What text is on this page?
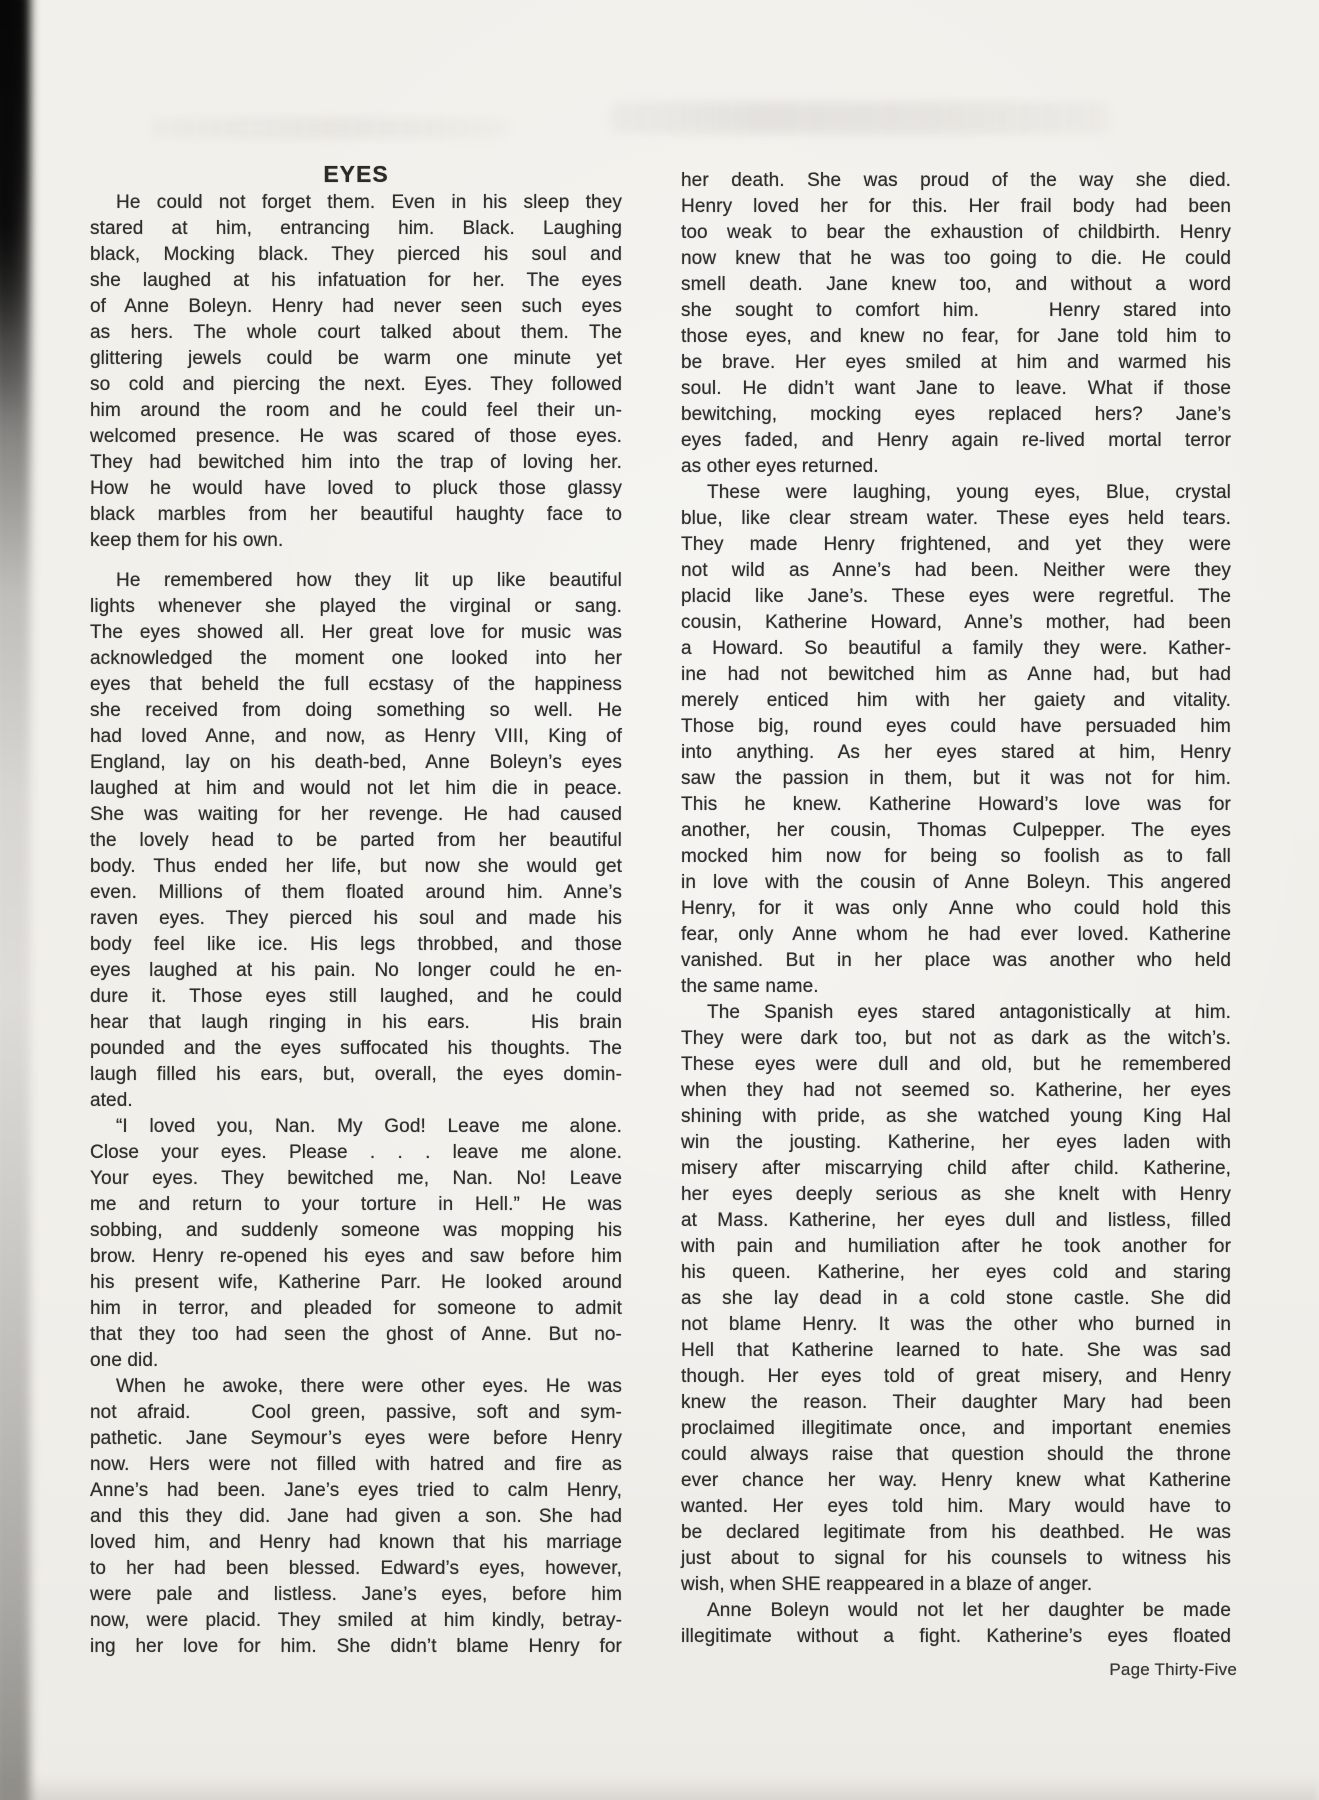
EYES
He could not forget them. Even in his sleep they
stared at him, entrancing him. Black. Laughing
black, Mocking black. They pierced his soul and
she laughed at his infatuation for her. The eyes
of Anne Boleyn. Henry had never seen such eyes
as hers. The whole court talked about them. The
glittering jewels could be warm one minute yet
so cold and piercing the next. Eyes. They followed
him around the room and he could feel their un-
welcomed presence. He was scared of those eyes.
They had bewitched him into the trap of loving her.
How he would have loved to pluck those glassy
black marbles from her beautiful haughty face to
keep them for his own.
He remembered how they lit up like beautiful
lights whenever she played the virginal or sang.
The eyes showed all. Her great love for music was
acknowledged the moment one looked into her
eyes that beheld the full ecstasy of the happiness
she received from doing something so well. He
had loved Anne, and now, as Henry VIII, King of
England, lay on his death-bed, Anne Boleyn’s eyes
laughed at him and would not let him die in peace.
She was waiting for her revenge. He had caused
the lovely head to be parted from her beautiful
body. Thus ended her life, but now she would get
even. Millions of them floated around him. Anne’s
raven eyes. They pierced his soul and made his
body feel like ice. His legs throbbed, and those
eyes laughed at his pain. No longer could he en-
dure it. Those eyes still laughed, and he could
hear that laugh ringing in his ears.   His brain
pounded and the eyes suffocated his thoughts. The
laugh filled his ears, but, overall, the eyes domin-
ated.
“I loved you, Nan. My God! Leave me alone.
Close your eyes. Please . . . leave me alone.
Your eyes. They bewitched me, Nan. No! Leave
me and return to your torture in Hell.” He was
sobbing, and suddenly someone was mopping his
brow. Henry re-opened his eyes and saw before him
his present wife, Katherine Parr. He looked around
him in terror, and pleaded for someone to admit
that they too had seen the ghost of Anne. But no-
one did.
When he awoke, there were other eyes. He was
not afraid.   Cool green, passive, soft and sym-
pathetic. Jane Seymour’s eyes were before Henry
now. Hers were not filled with hatred and fire as
Anne’s had been. Jane’s eyes tried to calm Henry,
and this they did. Jane had given a son. She had
loved him, and Henry had known that his marriage
to her had been blessed. Edward’s eyes, however,
were pale and listless. Jane’s eyes, before him
now, were placid. They smiled at him kindly, betray-
ing her love for him. She didn’t blame Henry for
her death. She was proud of the way she died.
Henry loved her for this. Her frail body had been
too weak to bear the exhaustion of childbirth. Henry
now knew that he was too going to die. He could
smell death. Jane knew too, and without a word
she sought to comfort him.   Henry stared into
those eyes, and knew no fear, for Jane told him to
be brave. Her eyes smiled at him and warmed his
soul. He didn’t want Jane to leave. What if those
bewitching, mocking eyes replaced hers? Jane’s
eyes faded, and Henry again re-lived mortal terror
as other eyes returned.
These were laughing, young eyes, Blue, crystal
blue, like clear stream water. These eyes held tears.
They made Henry frightened, and yet they were
not wild as Anne’s had been. Neither were they
placid like Jane’s. These eyes were regretful. The
cousin, Katherine Howard, Anne’s mother, had been
a Howard. So beautiful a family they were. Kather-
ine had not bewitched him as Anne had, but had
merely enticed him with her gaiety and vitality.
Those big, round eyes could have persuaded him
into anything. As her eyes stared at him, Henry
saw the passion in them, but it was not for him.
This he knew. Katherine Howard’s love was for
another, her cousin, Thomas Culpepper. The eyes
mocked him now for being so foolish as to fall
in love with the cousin of Anne Boleyn. This angered
Henry, for it was only Anne who could hold this
fear, only Anne whom he had ever loved. Katherine
vanished. But in her place was another who held
the same name.
The Spanish eyes stared antagonistically at him.
They were dark too, but not as dark as the witch’s.
These eyes were dull and old, but he remembered
when they had not seemed so. Katherine, her eyes
shining with pride, as she watched young King Hal
win the jousting. Katherine, her eyes laden with
misery after miscarrying child after child. Katherine,
her eyes deeply serious as she knelt with Henry
at Mass. Katherine, her eyes dull and listless, filled
with pain and humiliation after he took another for
his queen. Katherine, her eyes cold and staring
as she lay dead in a cold stone castle. She did
not blame Henry. It was the other who burned in
Hell that Katherine learned to hate. She was sad
though. Her eyes told of great misery, and Henry
knew the reason. Their daughter Mary had been
proclaimed illegitimate once, and important enemies
could always raise that question should the throne
ever chance her way. Henry knew what Katherine
wanted. Her eyes told him. Mary would have to
be declared legitimate from his deathbed. He was
just about to signal for his counsels to witness his
wish, when SHE reappeared in a blaze of anger.
Anne Boleyn would not let her daughter be made
illegitimate without a fight. Katherine’s eyes floated
Page Thirty-Five
